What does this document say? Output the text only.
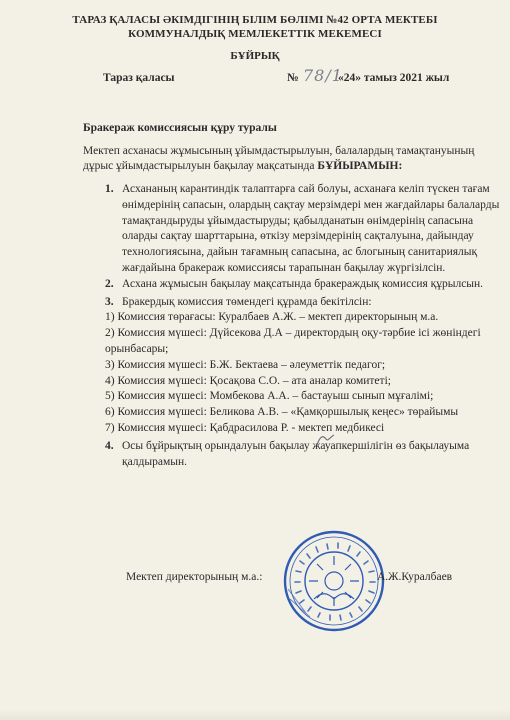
ТАРАЗ ҚАЛАСЫ ӘКІМДІГІНІҢ БІЛІМ БӨЛІМІ №42 ОРТА МЕКТЕБІ
КОММУНАЛДЫҚ МЕМЛЕКЕТТІК МЕКЕМЕСІ
БҰЙРЫҚ
Тараз қаласы	№ 78/1
«24» тамыз 2021 жыл
Бракераж комиссиясын құру туралы
Мектеп асханасы жұмысының ұйымдастырылуын, балалардың тамақтануының дұрыс ұйымдастырылуын бақылау мақсатында БҰЙЫРАМЫН:
1. Асхананың карантиндік талаптарға сай болуы, асханаға келіп түскен тағам өнімдерінің сапасын, олардың сақтау мерзімдері мен жағдайлары балаларды тамақтандыруды ұйымдастыруды; қабылданатын өнімдерінің сапасына оларды сақтау шарттарына, өткізу мерзімдерінің сақталуына, дайындау технологиясына, дайын тағамның сапасына, ас блогының санитариялық жағдайына бракераж комиссиясы тарапынан бақылау жүргізілсін.
2. Асхана жұмысын бақылау мақсатында бракераждық комиссия құрылсын.
3. Бракердық комиссия төмендегі құрамда бекітілсін:
1) Комиссия төрағасы: Куралбаев А.Ж. – мектеп директорының м.а.
2) Комиссия мүшесі: Дүйсекова Д.А – директордың оқу-тәрбие ісі жөніндегі орынбасары;
3) Комиссия мүшесі: Б.Ж. Бектаева – әлеуметтік педагог;
4) Комиссия мүшесі: Қосақова С.О. – ата аналар комитеті;
5) Комиссия мүшесі: Момбекова А.А. – бастауыш сынып мұғалімі;
6) Комиссия мүшесі: Беликова А.В. – «Қамқоршылық кеңес» төрайымы
7) Комиссия мүшесі: Қабдрасилова Р. - мектеп медбикесі
4. Осы бұйрықтың орындалуын бақылау жауапкершілігін өз бақылауыма қалдырамын.
Мектеп директорының м.а.:	А.Ж.Куралбаев
